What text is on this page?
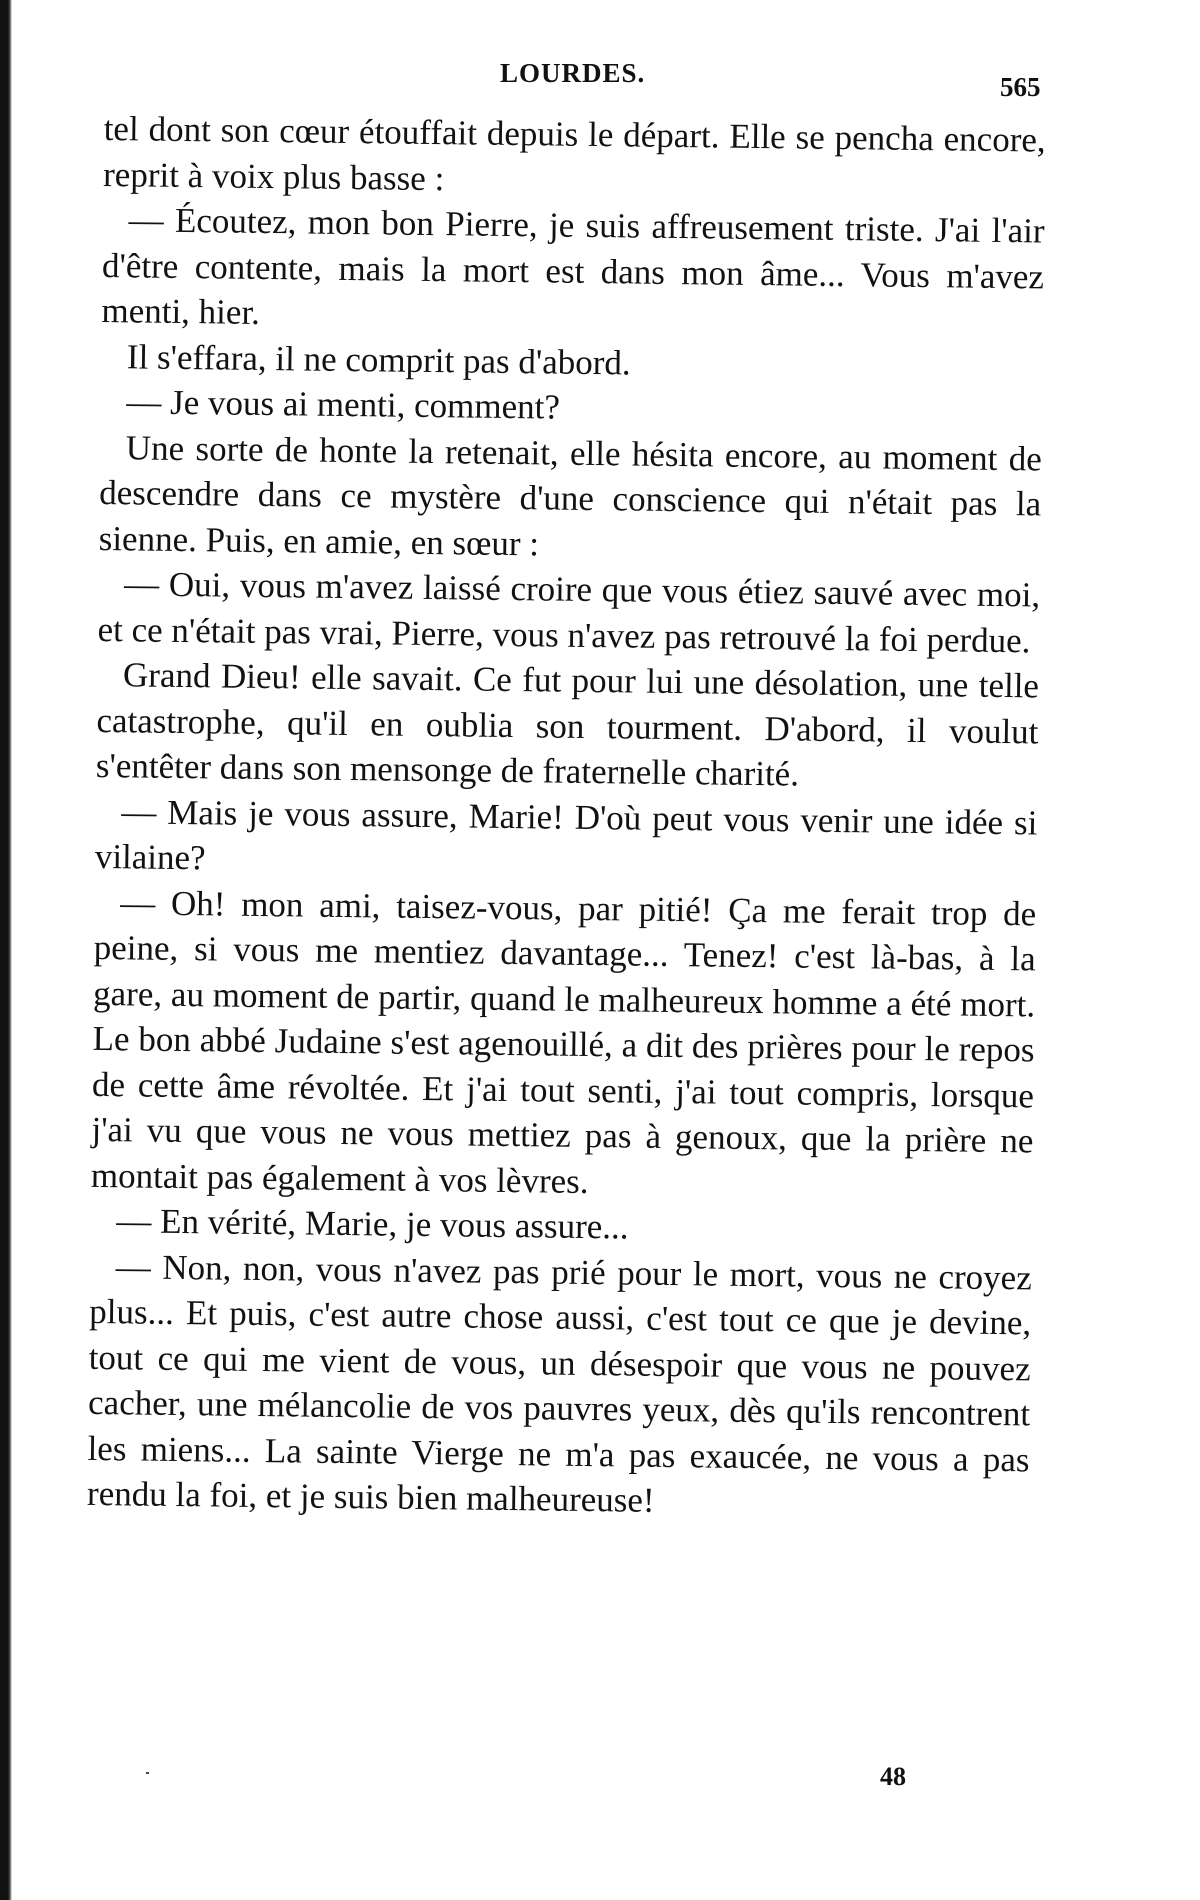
LOURDES.	565

tel dont son cœur étouffait depuis le départ. Elle se pencha encore, reprit à voix plus basse :

— Écoutez, mon bon Pierre, je suis affreusement triste. J'ai l'air d'être contente, mais la mort est dans mon âme... Vous m'avez menti, hier.

Il s'effara, il ne comprit pas d'abord.

— Je vous ai menti, comment?

Une sorte de honte la retenait, elle hésita encore, au moment de descendre dans ce mystère d'une conscience qui n'était pas la sienne. Puis, en amie, en sœur :

— Oui, vous m'avez laissé croire que vous étiez sauvé avec moi, et ce n'était pas vrai, Pierre, vous n'avez pas retrouvé la foi perdue.

Grand Dieu! elle savait. Ce fut pour lui une désolation, une telle catastrophe, qu'il en oublia son tourment. D'abord, il voulut s'entêter dans son mensonge de fraternelle charité.

— Mais je vous assure, Marie! D'où peut vous venir une idée si vilaine?

— Oh! mon ami, taisez-vous, par pitié! Ça me ferait trop de peine, si vous me mentiez davantage... Tenez! c'est là-bas, à la gare, au moment de partir, quand le malheureux homme a été mort. Le bon abbé Judaine s'est agenouillé, a dit des prières pour le repos de cette âme révoltée. Et j'ai tout senti, j'ai tout compris, lorsque j'ai vu que vous ne vous mettiez pas à genoux, que la prière ne montait pas également à vos lèvres.

— En vérité, Marie, je vous assure...

— Non, non, vous n'avez pas prié pour le mort, vous ne croyez plus... Et puis, c'est autre chose aussi, c'est tout ce que je devine, tout ce qui me vient de vous, un désespoir que vous ne pouvez cacher, une mélancolie de vos pauvres yeux, dès qu'ils rencontrent les miens... La sainte Vierge ne m'a pas exaucée, ne vous a pas rendu la foi, et je suis bien malheureuse!

48
